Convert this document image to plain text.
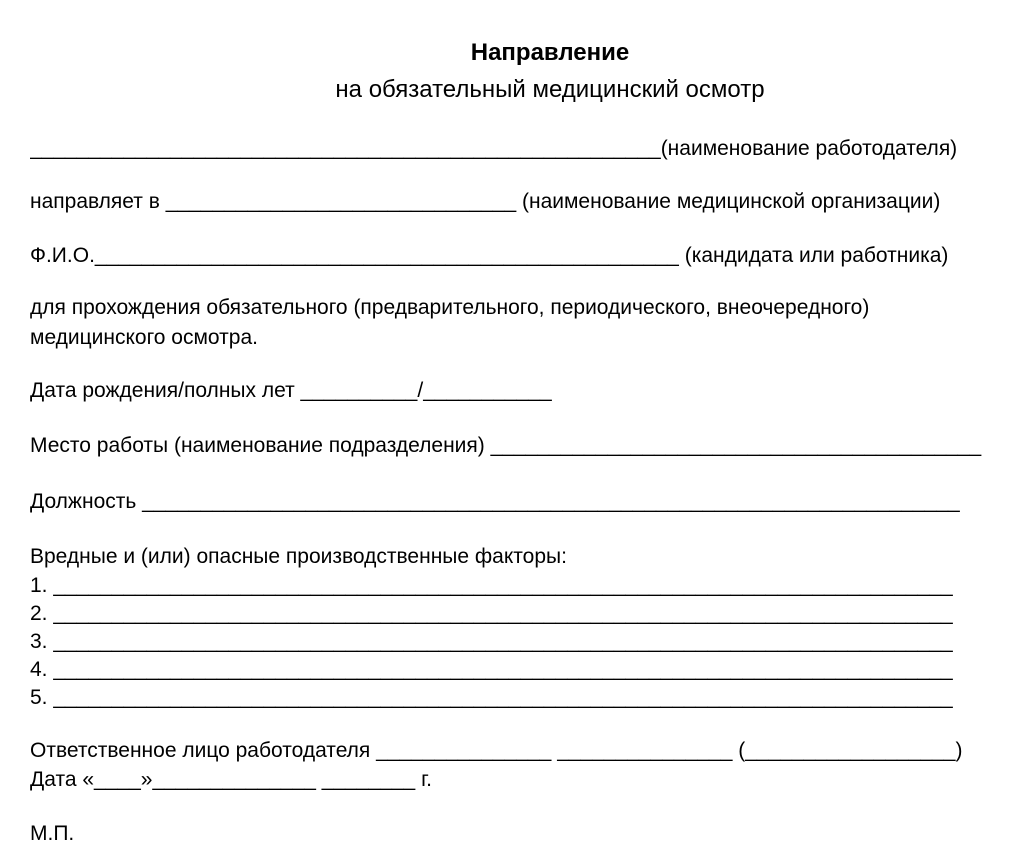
Направление
на обязательный медицинский осмотр
______________________________________________________(наименование работодателя)
направляет в ______________________________ (наименование медицинской организации)
Ф.И.О.__________________________________________________ (кандидата или работника)
для прохождения обязательного (предварительного, периодического, внеочередного) медицинского осмотра.
Дата рождения/полных лет __________/___________
Место работы (наименование подразделения) __________________________________________
Должность ______________________________________________________________________
Вредные и (или) опасные производственные факторы:
1. _____________________________________________________________________________
2. _____________________________________________________________________________
3. _____________________________________________________________________________
4. _____________________________________________________________________________
5. _____________________________________________________________________________
Ответственное лицо работодателя _______________ _______________ (__________________)
Дата «____»______________ ________ г.
М.П.
